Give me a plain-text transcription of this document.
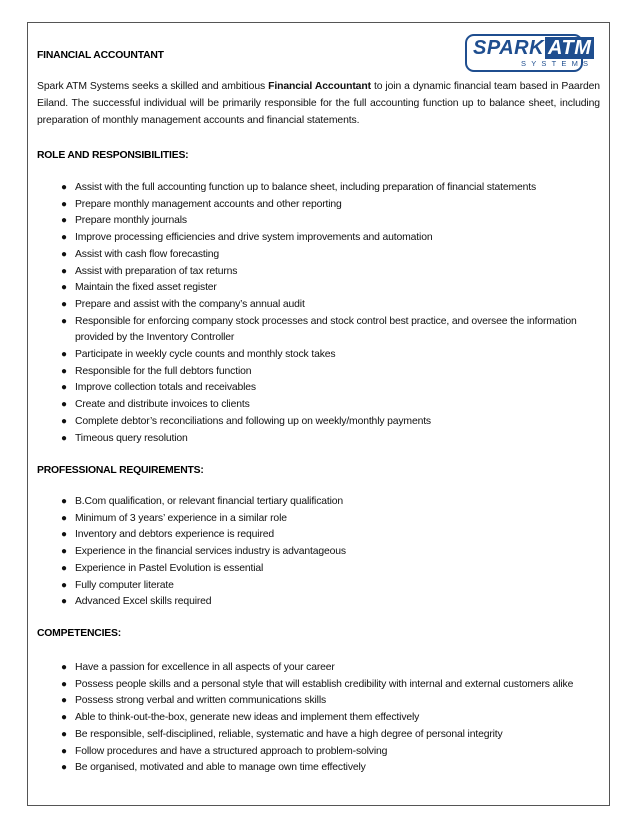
SPARK ATM
SYSTEMS
FINANCIAL ACCOUNTANT
Spark ATM Systems seeks a skilled and ambitious Financial Accountant to join a dynamic financial team based in Paarden Eiland. The successful individual will be primarily responsible for the full accounting function up to balance sheet, including preparation of monthly management accounts and financial statements.
ROLE AND RESPONSIBILITIES:
● Assist with the full accounting function up to balance sheet, including preparation of financial statements
● Prepare monthly management accounts and other reporting
● Prepare monthly journals
● Improve processing efficiencies and drive system improvements and automation
● Assist with cash flow forecasting
● Assist with preparation of tax returns
● Maintain the fixed asset register
● Prepare and assist with the company’s annual audit
● Responsible for enforcing company stock processes and stock control best practice, and oversee the information provided by the Inventory Controller
● Participate in weekly cycle counts and monthly stock takes
● Responsible for the full debtors function
● Improve collection totals and receivables
● Create and distribute invoices to clients
● Complete debtor’s reconciliations and following up on weekly/monthly payments
● Timeous query resolution
PROFESSIONAL REQUIREMENTS:
● B.Com qualification, or relevant financial tertiary qualification
● Minimum of 3 years’ experience in a similar role
● Inventory and debtors experience is required
● Experience in the financial services industry is advantageous
● Experience in Pastel Evolution is essential
● Fully computer literate
● Advanced Excel skills required
COMPETENCIES:
● Have a passion for excellence in all aspects of your career
● Possess people skills and a personal style that will establish credibility with internal and external customers alike
● Possess strong verbal and written communications skills
● Able to think-out-the-box, generate new ideas and implement them effectively
● Be responsible, self-disciplined, reliable, systematic and have a high degree of personal integrity
● Follow procedures and have a structured approach to problem-solving
● Be organised, motivated and able to manage own time effectively
